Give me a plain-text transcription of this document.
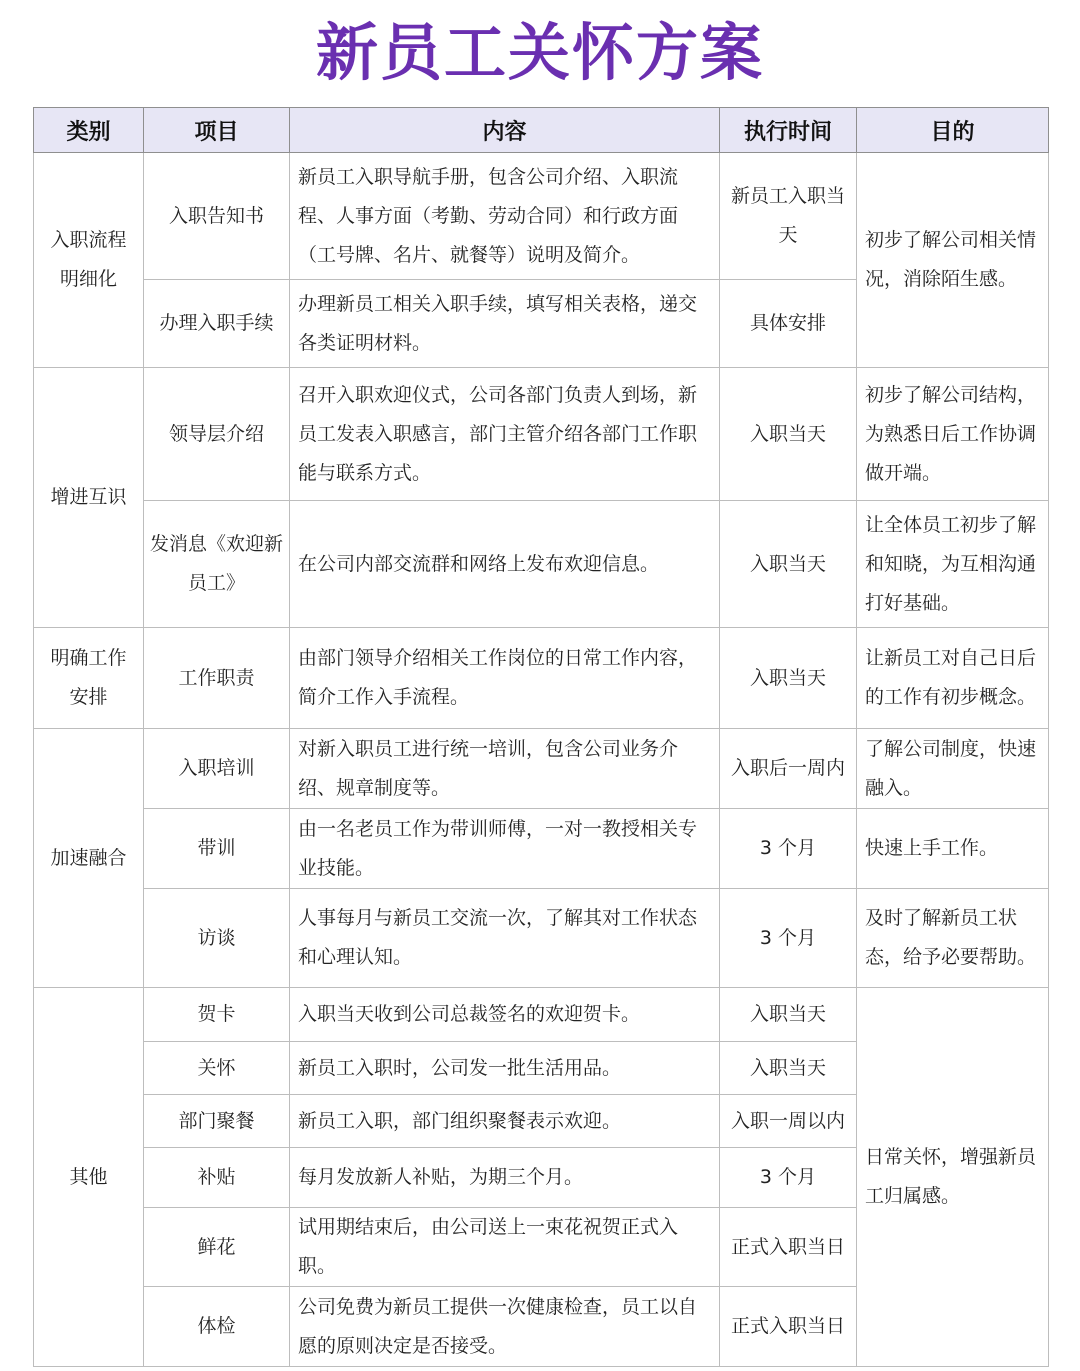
新员工关怀方案
类别	项目	内容	执行时间	目的
入职流程明细化	入职告知书	新员工入职导航手册，包含公司介绍、入职流程、人事方面（考勤、劳动合同）和行政方面（工号牌、名片、就餐等）说明及简介。	新员工入职当天	初步了解公司相关情况，消除陌生感。
	办理入职手续	办理新员工相关入职手续，填写相关表格，递交各类证明材料。	具体安排	
增进互识	领导层介绍	召开入职欢迎仪式，公司各部门负责人到场，新员工发表入职感言，部门主管介绍各部门工作职能与联系方式。	入职当天	初步了解公司结构，为熟悉日后工作协调做开端。
	发消息《欢迎新员工》	在公司内部交流群和网络上发布欢迎信息。	入职当天	让全体员工初步了解和知晓，为互相沟通打好基础。
明确工作安排	工作职责	由部门领导介绍相关工作岗位的日常工作内容，简介工作入手流程。	入职当天	让新员工对自己日后的工作有初步概念。
加速融合	入职培训	对新入职员工进行统一培训，包含公司业务介绍、规章制度等。	入职后一周内	了解公司制度，快速融入。
	带训	由一名老员工作为带训师傅，一对一教授相关专业技能。	3 个月	快速上手工作。
	访谈	人事每月与新员工交流一次，了解其对工作状态和心理认知。	3 个月	及时了解新员工状态，给予必要帮助。
其他	贺卡	入职当天收到公司总裁签名的欢迎贺卡。	入职当天	日常关怀，增强新员工归属感。
	关怀	新员工入职时，公司发一批生活用品。	入职当天	
	部门聚餐	新员工入职，部门组织聚餐表示欢迎。	入职一周以内	
	补贴	每月发放新人补贴，为期三个月。	3 个月	
	鲜花	试用期结束后，由公司送上一束花祝贺正式入职。	正式入职当日	
	体检	公司免费为新员工提供一次健康检查，员工以自愿的原则决定是否接受。	正式入职当日	
